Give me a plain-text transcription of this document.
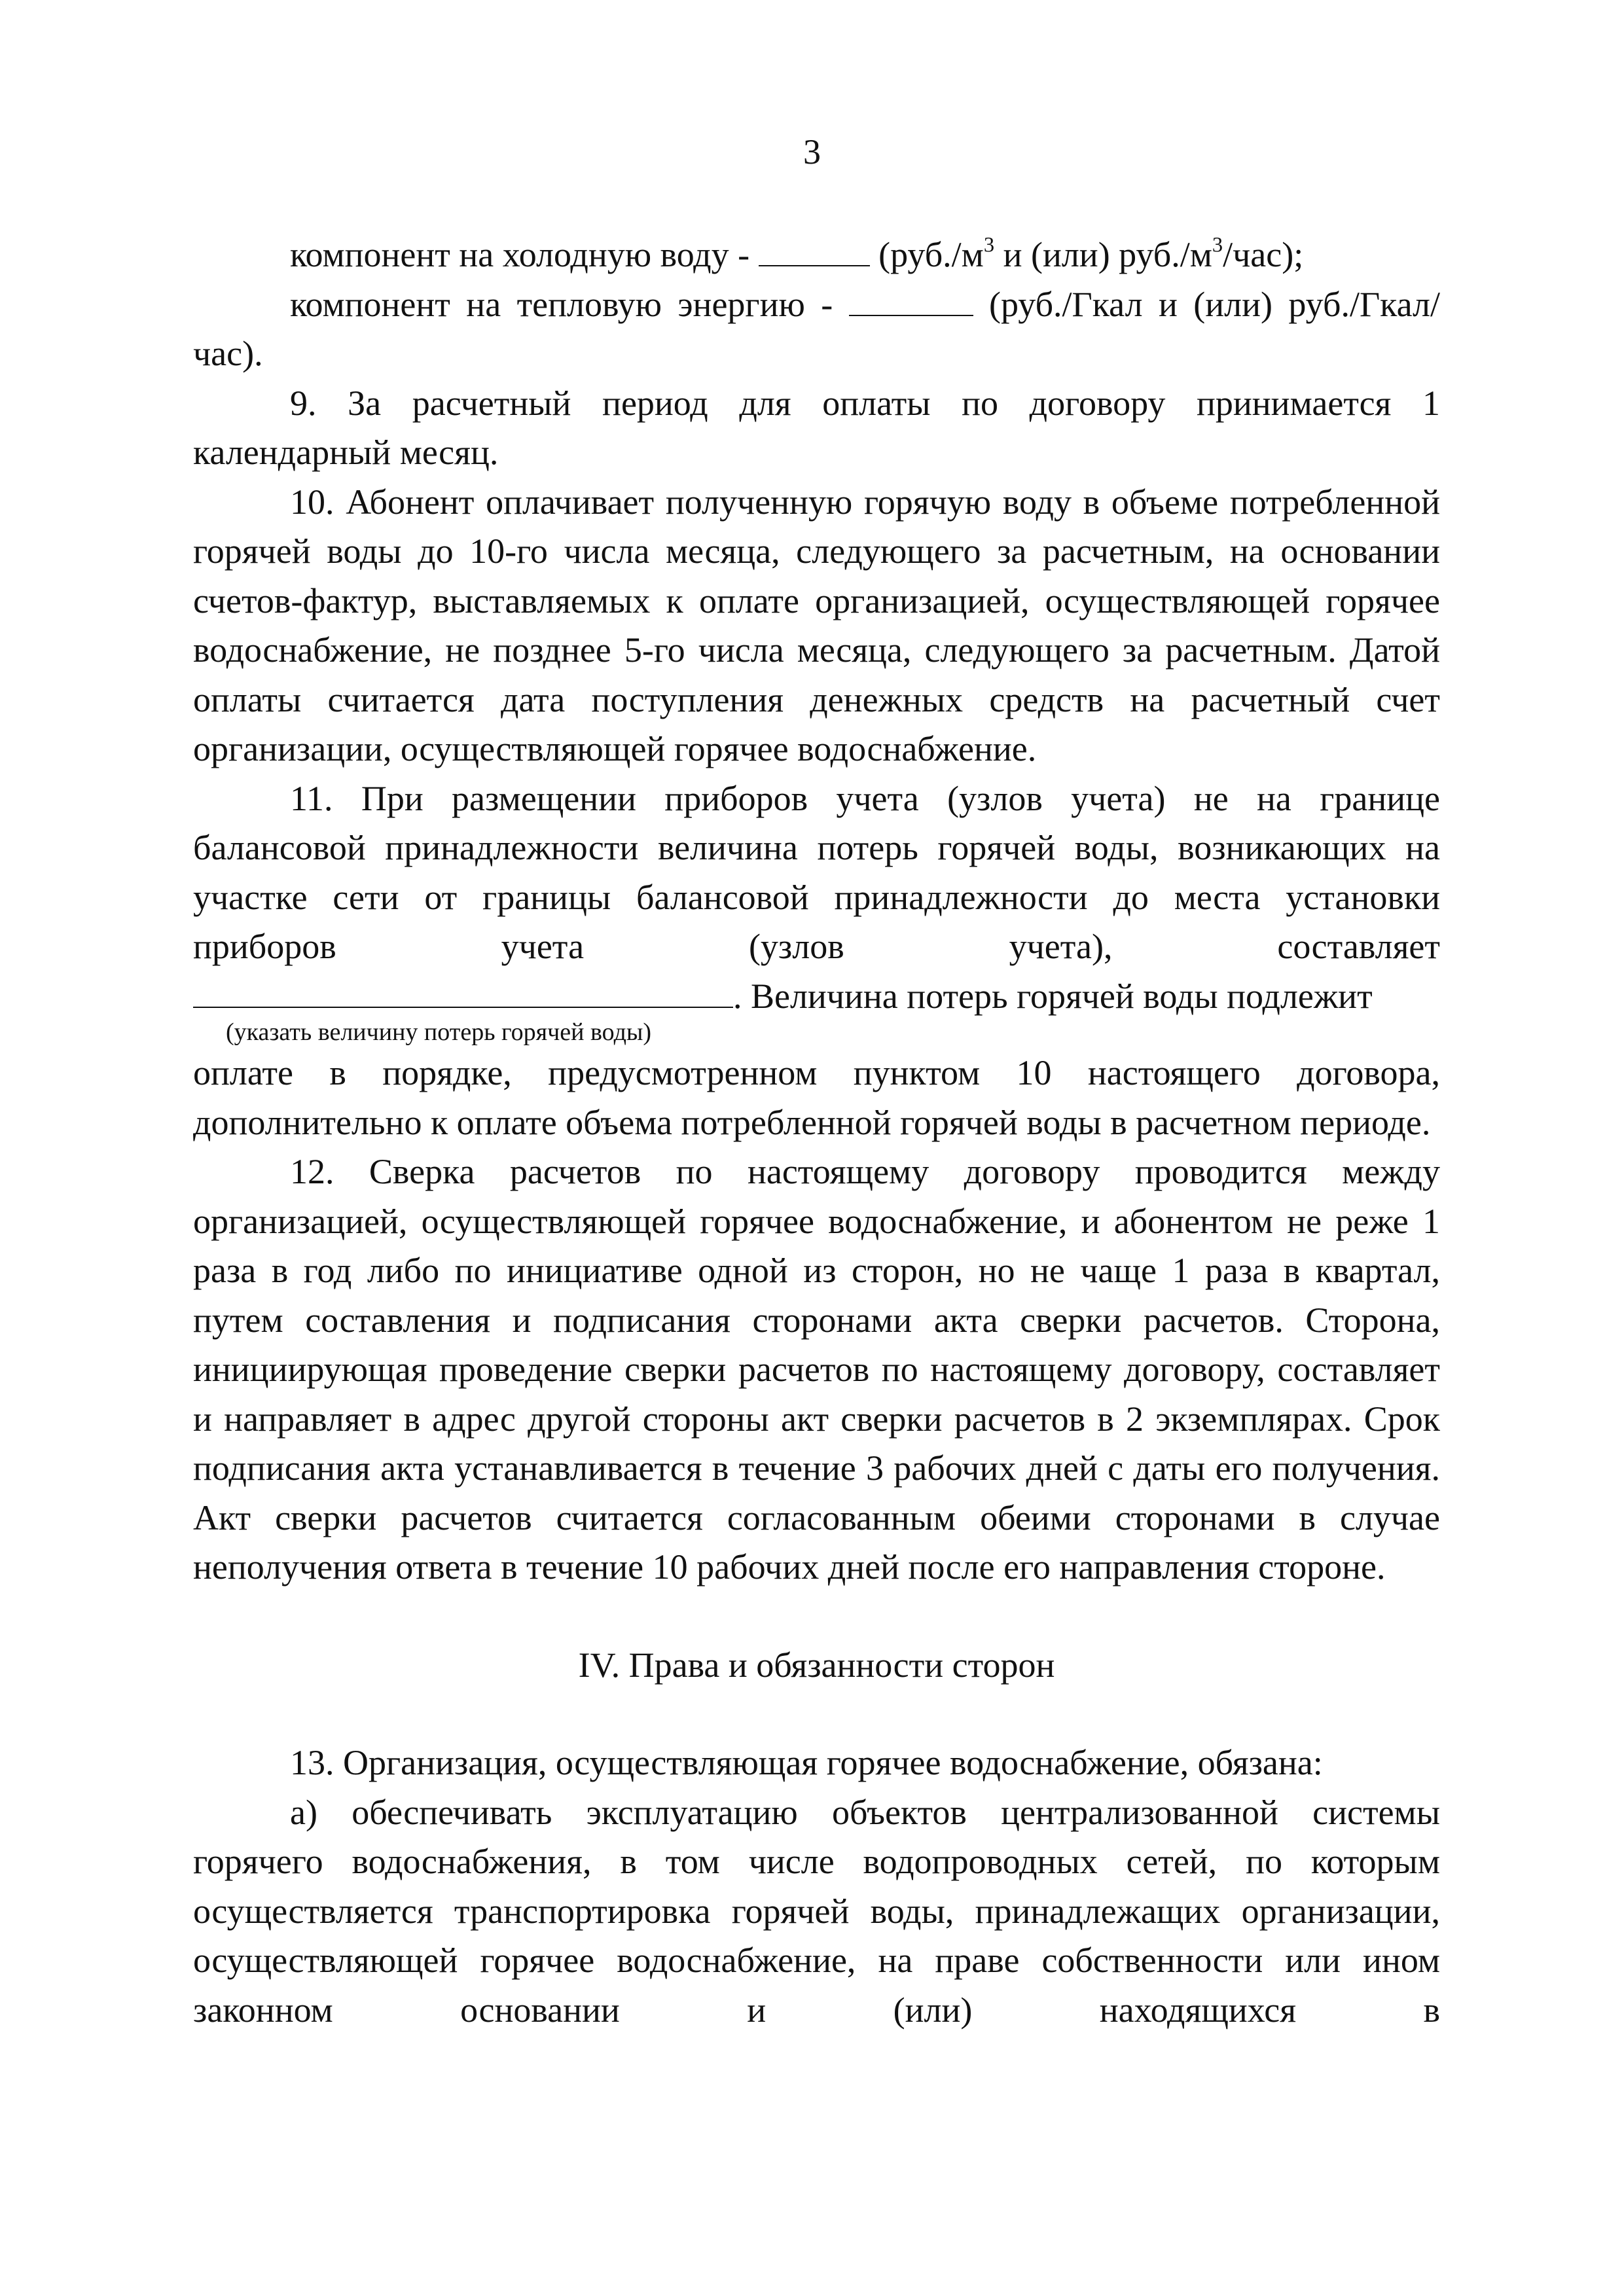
3

компонент на холодную воду -	($руб./м^3$ и (или) $руб./м^3/час$);

компонент на тепловую энергию -	(руб./Гкал и (или) руб./Гкал/час).

9. За расчетный период для оплаты по договору принимается 1 календарный месяц.

10. Абонент оплачивает полученную горячую воду в объеме потребленной горячей воды до 10-го числа месяца, следующего за расчетным, на основании счетов-фактур, выставляемых к оплате организацией, осуществляющей горячее водоснабжение, не позднее 5-го числа месяца, следующего за расчетным. Датой оплаты считается дата поступления денежных средств на расчетный счет организации, осуществляющей горячее водоснабжение.

11. При размещении приборов учета (узлов учета) не на границе балансовой принадлежности величина потерь горячей воды, возникающих на участке сети от границы балансовой принадлежности до места установки приборов учета (узлов учета), составляет

. Величина потерь горячей воды подлежит

(указать величину потерь горячей воды)

оплате в порядке, предусмотренном пунктом 10 настоящего договора, дополнительно к оплате объема потребленной горячей воды в расчетном периоде.

12. Сверка расчетов по настоящему договору проводится между организацией, осуществляющей горячее водоснабжение, и абонентом не реже 1 раза в год либо по инициативе одной из сторон, но не чаще 1 раза в квартал, путем составления и подписания сторонами акта сверки расчетов. Сторона, инициирующая проведение сверки расчетов по настоящему договору, составляет и направляет в адрес другой стороны акт сверки расчетов в 2 экземплярах. Срок подписания акта устанавливается в течение 3 рабочих дней с даты его получения. Акт сверки расчетов считается согласованным обеими сторонами в случае неполучения ответа в течение 10 рабочих дней после его направления стороне.

IV. Права и обязанности сторон

13. Организация, осуществляющая горячее водоснабжение, обязана:

а) обеспечивать эксплуатацию объектов централизованной системы горячего водоснабжения, в том числе водопроводных сетей, по которым осуществляется транспортировка горячей воды, принадлежащих организации, осуществляющей горячее водоснабжение, на праве собственности или ином законном основании и (или) находящихся в
